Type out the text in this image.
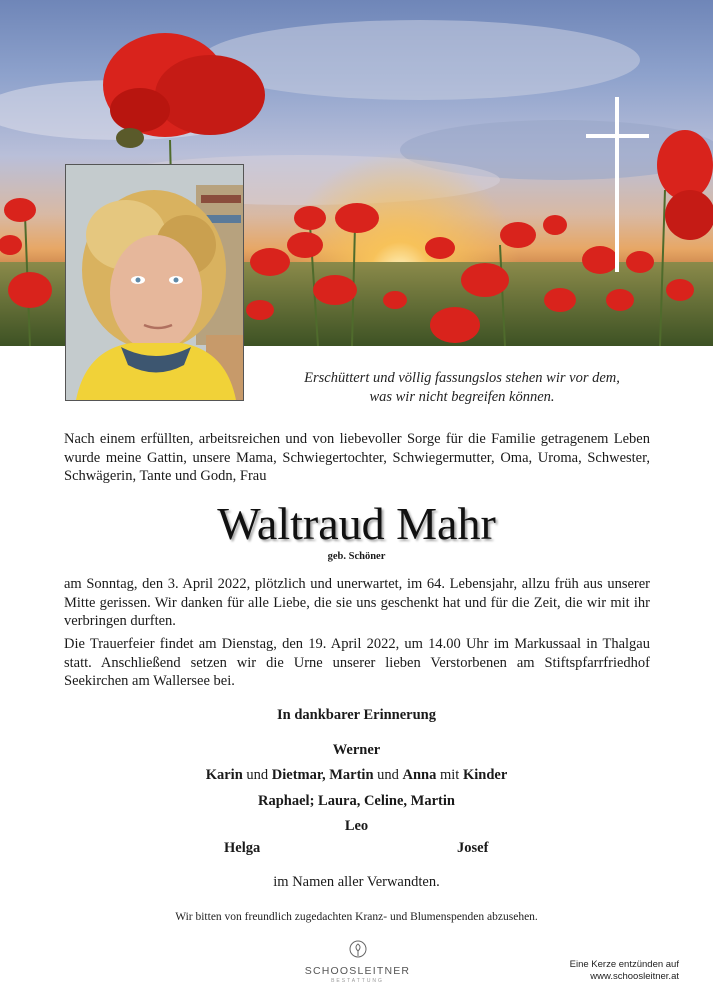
Erschüttert und völlig fassungslos stehen wir vor dem,
was wir nicht begreifen können.
Nach einem erfüllten, arbeitsreichen und von liebevoller Sorge für die Familie getragenem Leben wurde meine Gattin, unsere Mama, Schwiegertochter, Schwiegermutter, Oma, Uroma, Schwester, Schwägerin, Tante und Godn, Frau
Waltraud Mahr
geb. Schöner
am Sonntag, den 3. April 2022, plötzlich und unerwartet, im 64. Lebensjahr, allzu früh aus unserer Mitte gerissen. Wir danken für alle Liebe, die sie uns geschenkt hat und für die Zeit, die wir mit ihr verbringen durften.
Die Trauerfeier findet am Dienstag, den 19. April 2022, um 14.00 Uhr im Markussaal in Thalgau statt. Anschließend setzen wir die Urne unserer lieben Verstorbenen am Stiftspfarrfriedhof Seekirchen am Wallersee bei.
In dankbarer Erinnerung
Werner
Karin und Dietmar, Martin und Anna mit Kinder
Raphael; Laura, Celine, Martin
Leo
Helga	Josef
im Namen aller Verwandten.
Wir bitten von freundlich zugedachten Kranz- und Blumenspenden abzusehen.
SCHOOSLEITNER
BESTATTUNG
Eine Kerze entzünden auf
www.schoosleitner.at
